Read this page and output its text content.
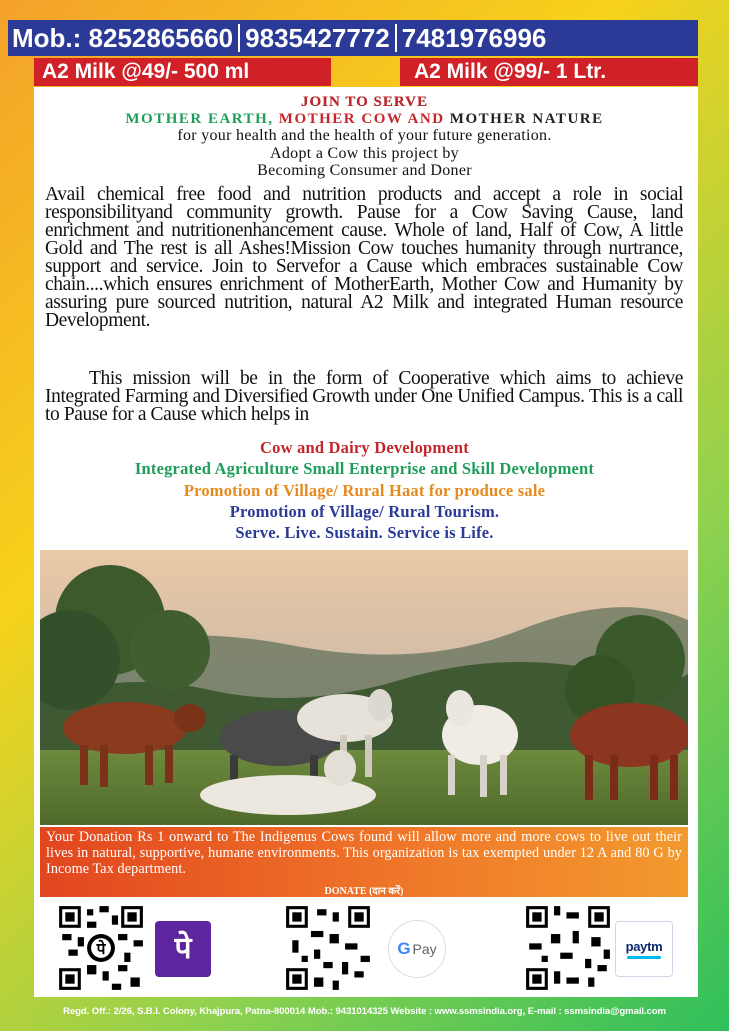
Mob.:
8252865660 9835427772 7481976996
A2 Milk @49/- 500 ml	A2 Milk @99/- 1 Ltr.
JOIN TO SERVE
MOTHER EARTH, MOTHER COW AND MOTHER NATURE
for your health and the health of your future generation.
Adopt a Cow this project by
Becoming Consumer and Doner

Avail chemical free food and nutrition products and accept a role in social responsibilityand community growth. Pause for a Cow Saving Cause, land enrichment and nutritionenhancement cause. Whole of land, Half of Cow, A little Gold and The rest is all Ashes!Mission Cow touches humanity through nurtrance, support and service. Join to Servefor a Cause which embraces sustainable Cow chain....which ensures enrichment of MotherEarth, Mother Cow and Humanity by assuring pure sourced nutrition, natural A2 Milk and integrated Human resource Development.

This mission will be in the form of Cooperative which aims to achieve Integrated Farming and Diversified Growth under One Unified Campus. This is a call to Pause for a Cause which helps in

Cow and Dairy Development
Integrated Agriculture Small Enterprise and Skill Development
Promotion of Village/ Rural Haat for produce sale
Promotion of Village/ Rural Tourism.
Serve. Live. Sustain. Service is Life.

Your Donation Rs 1 onward to The Indigenus Cows found will allow more and more cows to live out their lives in natural, supportive, humane environments. This organization is tax exempted under 12 A and 80 G by Income Tax department.

DONATE (दान करें)
पे पे	G Pay	paytm
Regd. Off.: 2/26, S.B.I. Colony, Khajpura, Patna-800014 Mob.: 9431014325 Website : www.ssmsindia.org, E-mail : ssmsindia@gmail.com
